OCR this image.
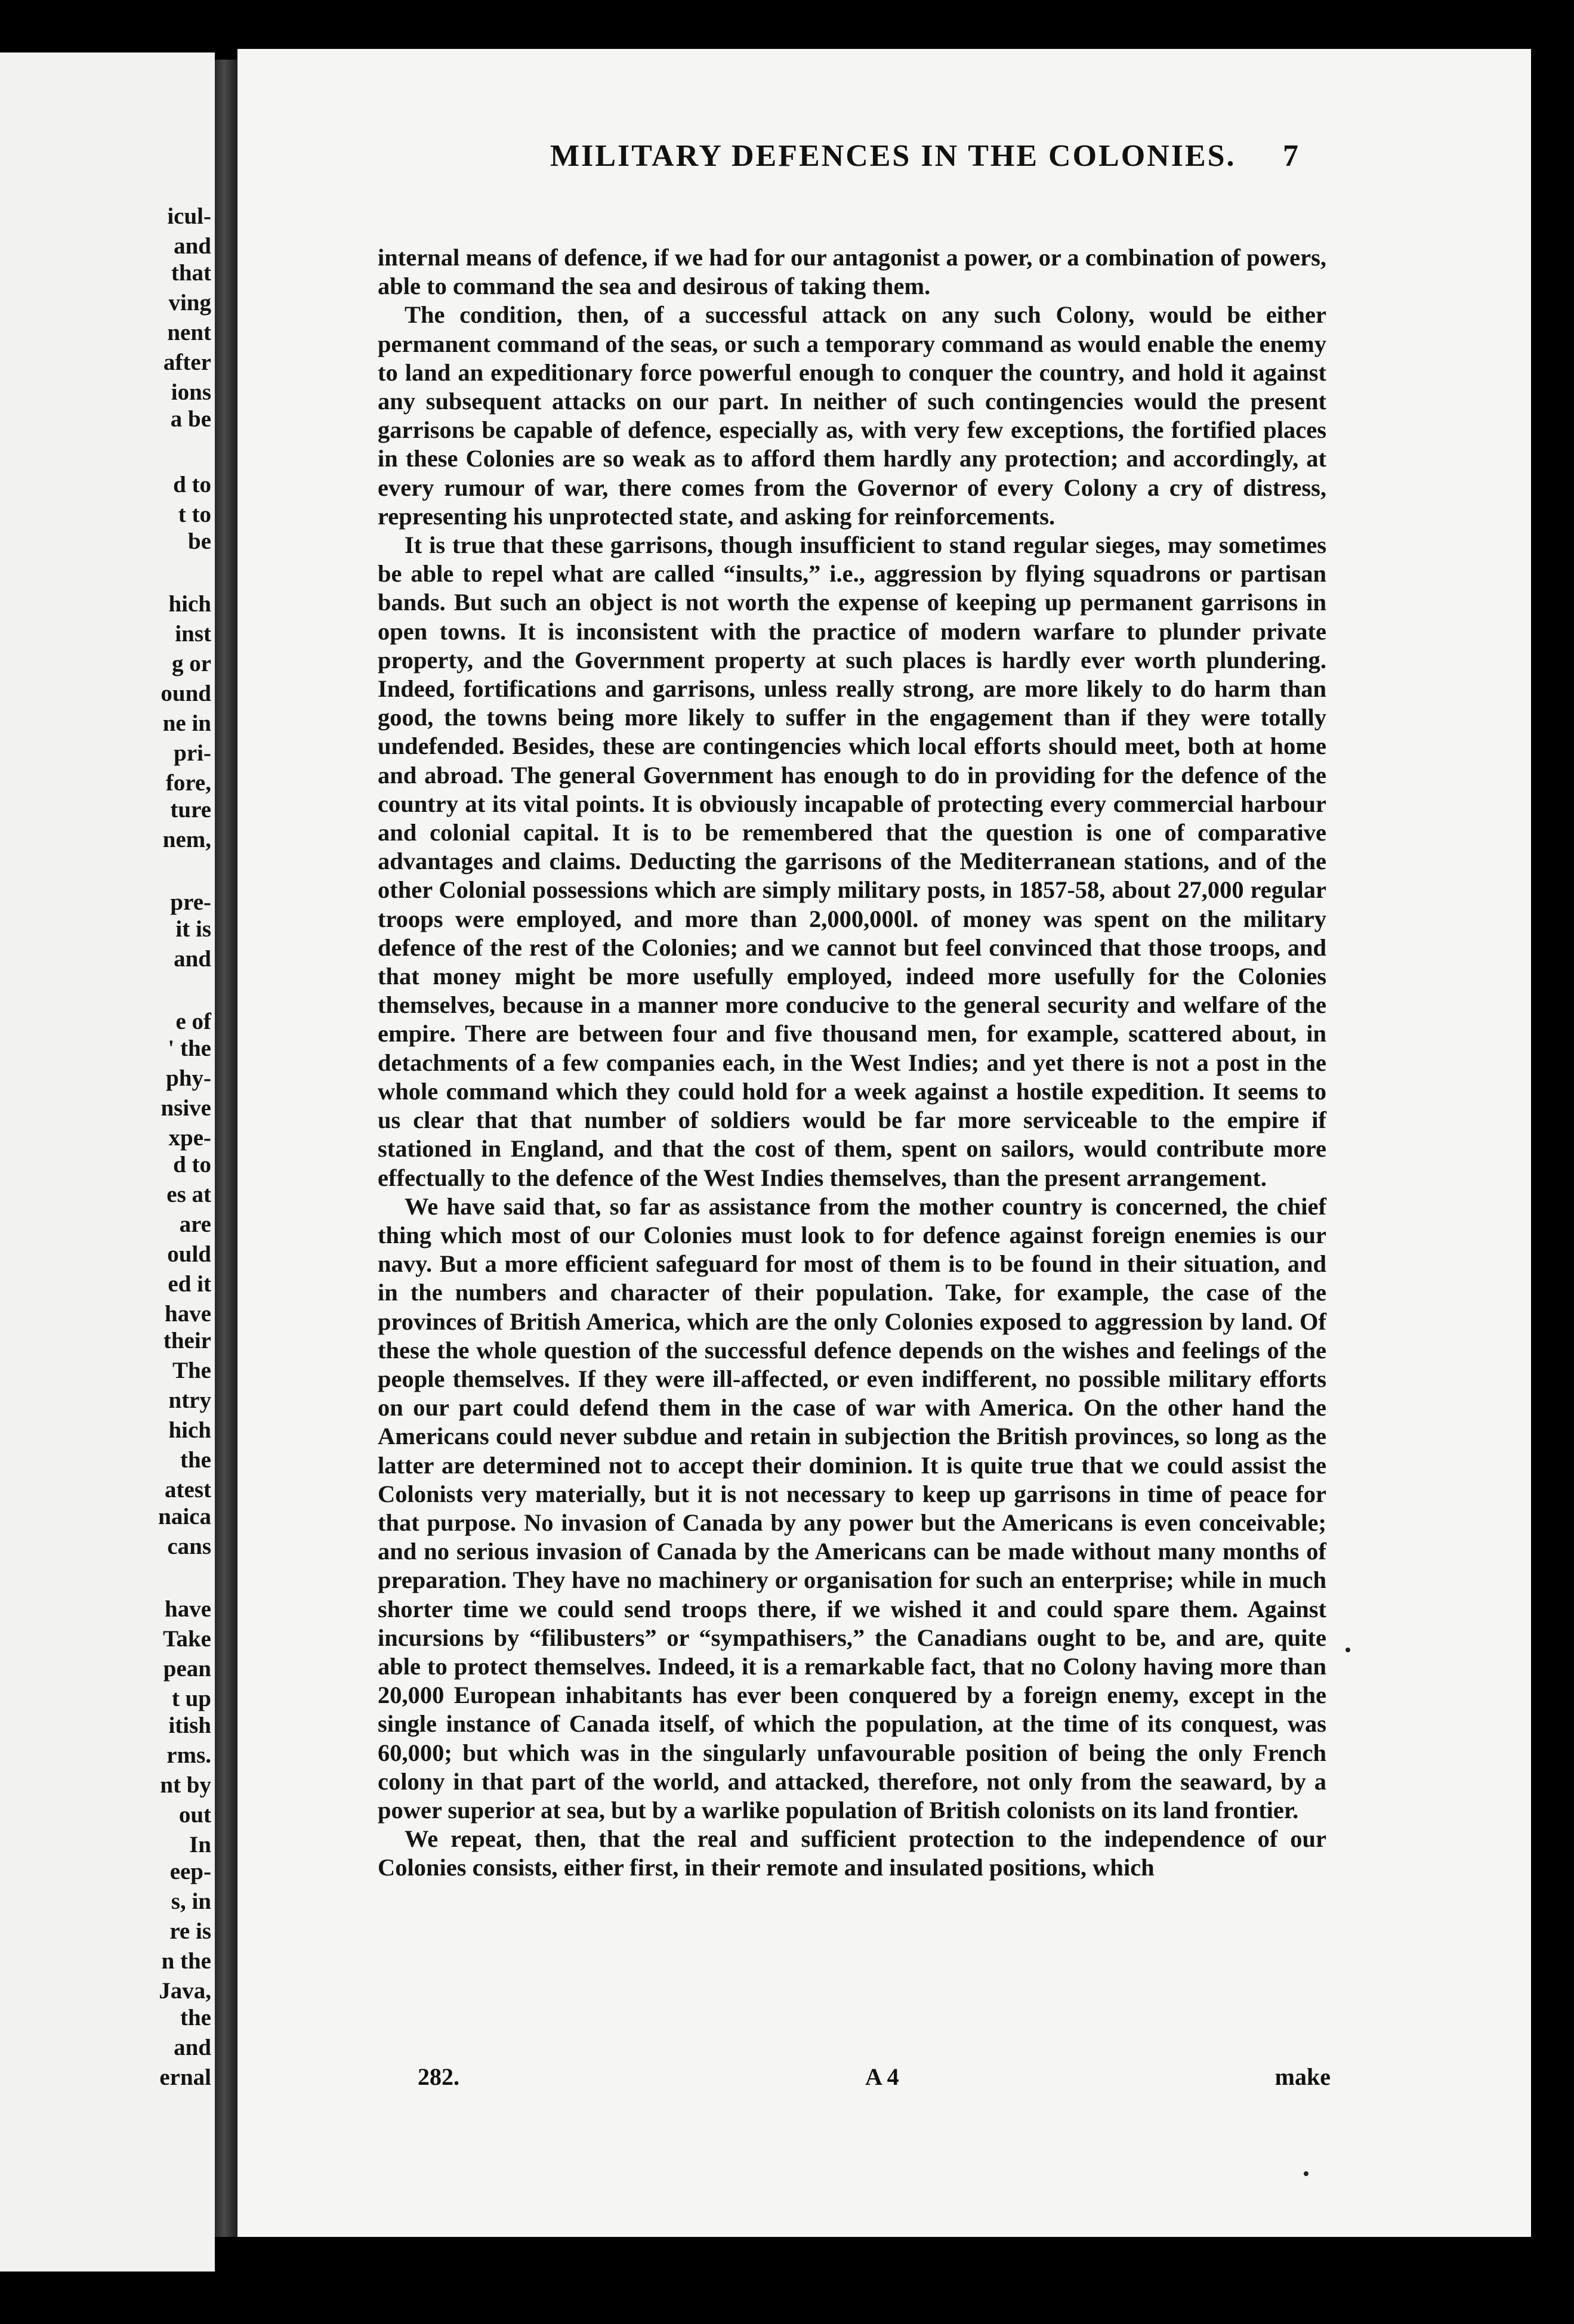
icul-
and
that
ving
nent
after
ions
a be
d to
t to
be
hich
inst
g or
ound
ne in
pri-
fore,
ture
nem,
pre-
it is
and
e of
' the
phy-
nsive
xpe-
d to
es at
are
ould
ed it
have
their
The
ntry
hich
the
atest
naica
cans
have
Take
pean
t up
itish
rms.
nt by
out
In
eep-
s, in
re is
n the
Java,
the
and
ernal
MILITARY DEFENCES IN THE COLONIES. 7

internal means of defence, if we had for our antagonist a power, or a combination of powers, able to command the sea and desirous of taking them.

The condition, then, of a successful attack on any such Colony, would be either permanent command of the seas, or such a temporary command as would enable the enemy to land an expeditionary force powerful enough to conquer the country, and hold it against any subsequent attacks on our part. In neither of such contingencies would the present garrisons be capable of defence, especially as, with very few exceptions, the fortified places in these Colonies are so weak as to afford them hardly any protection; and accordingly, at every rumour of war, there comes from the Governor of every Colony a cry of distress, representing his unprotected state, and asking for reinforcements.

It is true that these garrisons, though insufficient to stand regular sieges, may sometimes be able to repel what are called “insults,” i.e., aggression by flying squadrons or partisan bands. But such an object is not worth the expense of keeping up permanent garrisons in open towns. It is inconsistent with the practice of modern warfare to plunder private property, and the Government property at such places is hardly ever worth plundering. Indeed, fortifications and garrisons, unless really strong, are more likely to do harm than good, the towns being more likely to suffer in the engagement than if they were totally undefended. Besides, these are contingencies which local efforts should meet, both at home and abroad. The general Government has enough to do in providing for the defence of the country at its vital points. It is obviously incapable of protecting every commercial harbour and colonial capital. It is to be remembered that the question is one of comparative advantages and claims. Deducting the garrisons of the Mediterranean stations, and of the other Colonial possessions which are simply military posts, in 1857-58, about 27,000 regular troops were employed, and more than 2,000,000l. of money was spent on the military defence of the rest of the Colonies; and we cannot but feel convinced that those troops, and that money might be more usefully employed, indeed more usefully for the Colonies themselves, because in a manner more conducive to the general security and welfare of the empire. There are between four and five thousand men, for example, scattered about, in detachments of a few companies each, in the West Indies; and yet there is not a post in the whole command which they could hold for a week against a hostile expedition. It seems to us clear that that number of soldiers would be far more serviceable to the empire if stationed in England, and that the cost of them, spent on sailors, would contribute more effectually to the defence of the West Indies themselves, than the present arrangement.

We have said that, so far as assistance from the mother country is concerned, the chief thing which most of our Colonies must look to for defence against foreign enemies is our navy. But a more efficient safeguard for most of them is to be found in their situation, and in the numbers and character of their population. Take, for example, the case of the provinces of British America, which are the only Colonies exposed to aggression by land. Of these the whole question of the successful defence depends on the wishes and feelings of the people themselves. If they were ill-affected, or even indifferent, no possible military efforts on our part could defend them in the case of war with America. On the other hand the Americans could never subdue and retain in subjection the British provinces, so long as the latter are determined not to accept their dominion. It is quite true that we could assist the Colonists very materially, but it is not necessary to keep up garrisons in time of peace for that purpose. No invasion of Canada by any power but the Americans is even conceivable; and no serious invasion of Canada by the Americans can be made without many months of preparation. They have no machinery or organisation for such an enterprise; while in much shorter time we could send troops there, if we wished it and could spare them. Against incursions by “filibusters” or “sympathisers,” the Canadians ought to be, and are, quite able to protect themselves. Indeed, it is a remarkable fact, that no Colony having more than 20,000 European inhabitants has ever been conquered by a foreign enemy, except in the single instance of Canada itself, of which the population, at the time of its conquest, was 60,000; but which was in the singularly unfavourable position of being the only French colony in that part of the world, and attacked, therefore, not only from the seaward, by a power superior at sea, but by a warlike population of British colonists on its land frontier.

We repeat, then, that the real and sufficient protection to the independence of our Colonies consists, either first, in their remote and insulated positions, which

282.	A 4	make
